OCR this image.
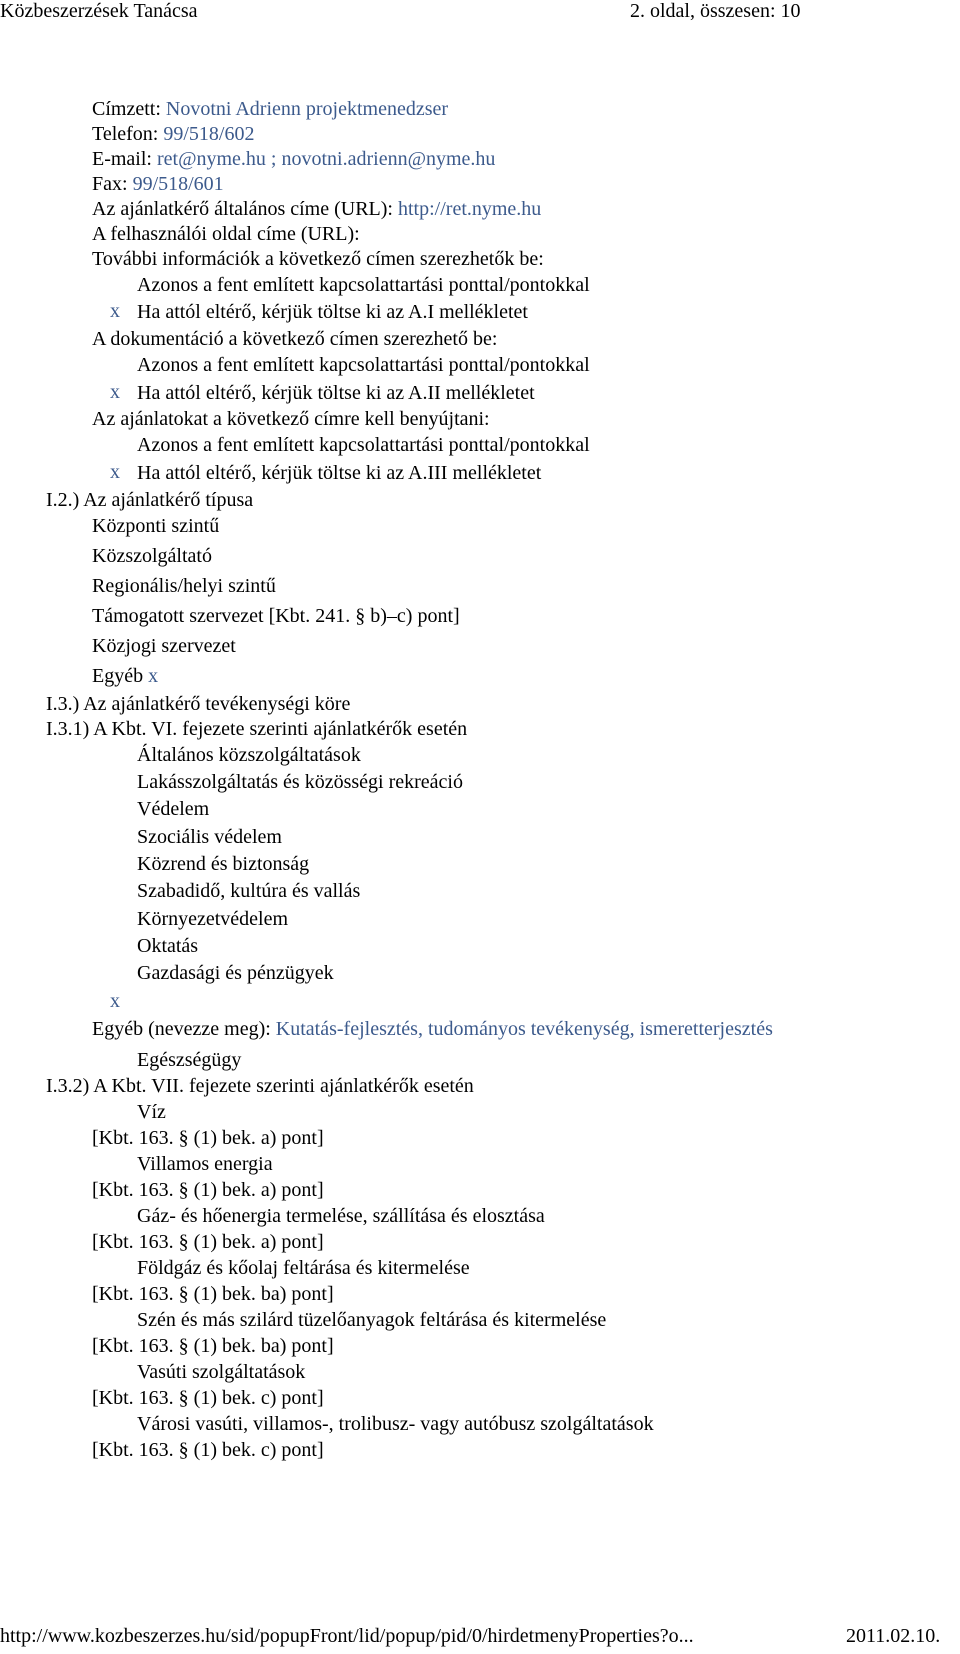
Közbeszerzések Tanácsa	2. oldal, összesen: 10
Címzett: Novotni Adrienn projektmenedzser
Telefon: 99/518/602
E-mail: ret@nyme.hu ; novotni.adrienn@nyme.hu
Fax: 99/518/601
Az ajánlatkérő általános címe (URL): http://ret.nyme.hu
A felhasználói oldal címe (URL):
További információk a következő címen szerezhetők be:
Azonos a fent említett kapcsolattartási ponttal/pontokkal
x Ha attól eltérő, kérjük töltse ki az A.I mellékletet
A dokumentáció a következő címen szerezhető be:
Azonos a fent említett kapcsolattartási ponttal/pontokkal
x Ha attól eltérő, kérjük töltse ki az A.II mellékletet
Az ajánlatokat a következő címre kell benyújtani:
Azonos a fent említett kapcsolattartási ponttal/pontokkal
x Ha attól eltérő, kérjük töltse ki az A.III mellékletet
I.2.) Az ajánlatkérő típusa
Központi szintű
Közszolgáltató
Regionális/helyi szintű
Támogatott szervezet [Kbt. 241. § b)–c) pont]
Közjogi szervezet
Egyéb x
I.3.) Az ajánlatkérő tevékenységi köre
I.3.1) A Kbt. VI. fejezete szerinti ajánlatkérők esetén
Általános közszolgáltatások
Lakásszolgáltatás és közösségi rekreáció
Védelem
Szociális védelem
Közrend és biztonság
Szabadidő, kultúra és vallás
Környezetvédelem
Oktatás
Gazdasági és pénzügyek
x
Egyéb (nevezze meg): Kutatás-fejlesztés, tudományos tevékenység, ismeretterjesztés
Egészségügy
I.3.2) A Kbt. VII. fejezete szerinti ajánlatkérők esetén
Víz
[Kbt. 163. § (1) bek. a) pont]
Villamos energia
[Kbt. 163. § (1) bek. a) pont]
Gáz- és hőenergia termelése, szállítása és elosztása
[Kbt. 163. § (1) bek. a) pont]
Földgáz és kőolaj feltárása és kitermelése
[Kbt. 163. § (1) bek. ba) pont]
Szén és más szilárd tüzelőanyagok feltárása és kitermelése
[Kbt. 163. § (1) bek. ba) pont]
Vasúti szolgáltatások
[Kbt. 163. § (1) bek. c) pont]
Városi vasúti, villamos-, trolibusz- vagy autóbusz szolgáltatások
[Kbt. 163. § (1) bek. c) pont]
http://www.kozbeszerzes.hu/sid/popupFront/lid/popup/pid/0/hirdetmenyProperties?o...	2011.02.10.
